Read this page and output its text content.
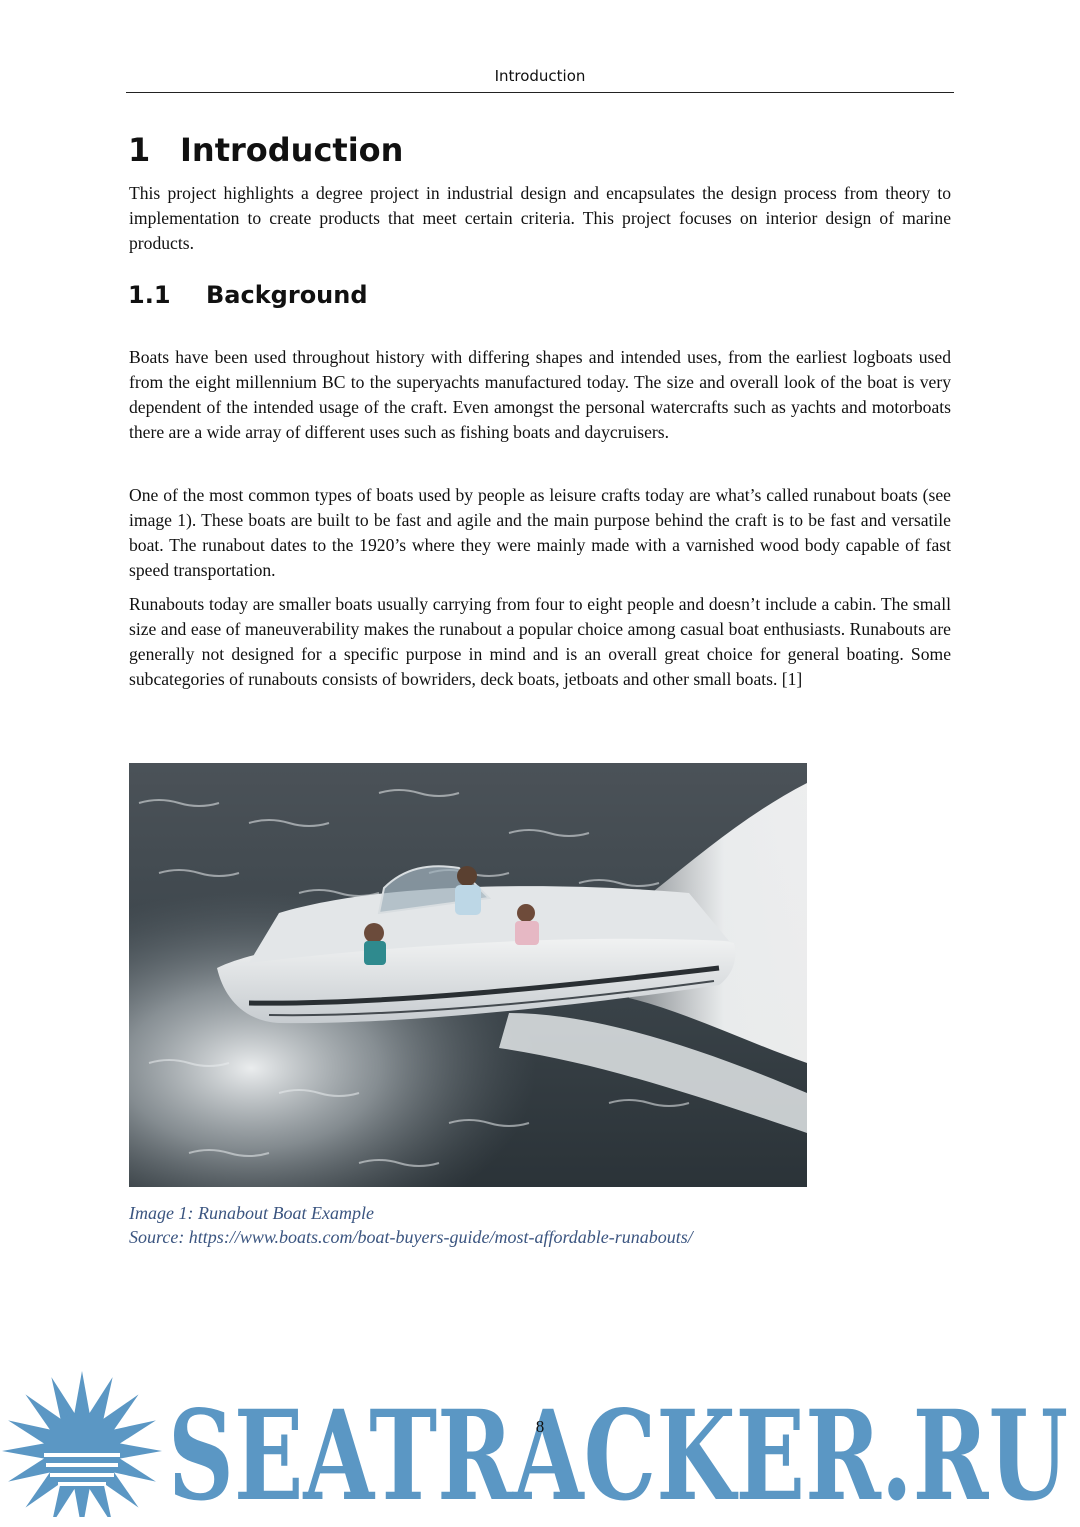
Introduction
1 Introduction

This project highlights a degree project in industrial design and encapsulates the design process from theory to implementation to create products that meet certain criteria. This project focuses on interior design of marine products.

1.1 Background

Boats have been used throughout history with differing shapes and intended uses, from the earliest logboats used from the eight millennium BC to the superyachts manufactured today. The size and overall look of the boat is very dependent of the intended usage of the craft. Even amongst the personal watercrafts such as yachts and motorboats there are a wide array of different uses such as fishing boats and daycruisers.

One of the most common types of boats used by people as leisure crafts today are what’s called runabout boats (see image 1). These boats are built to be fast and agile and the main purpose behind the craft is to be fast and versatile boat. The runabout dates to the 1920’s where they were mainly made with a varnished wood body capable of fast speed transportation.

Runabouts today are smaller boats usually carrying from four to eight people and doesn’t include a cabin. The small size and ease of maneuverability makes the runabout a popular choice among casual boat enthusiasts. Runabouts are generally not designed for a specific purpose in mind and is an overall great choice for general boating. Some subcategories of runabouts consists of bowriders, deck boats, jetboats and other small boats. [1]

Image 1: Runabout Boat Example
Source: https://www.boats.com/boat-buyers-guide/most-affordable-runabouts/
SEATRACKER.RU
8
